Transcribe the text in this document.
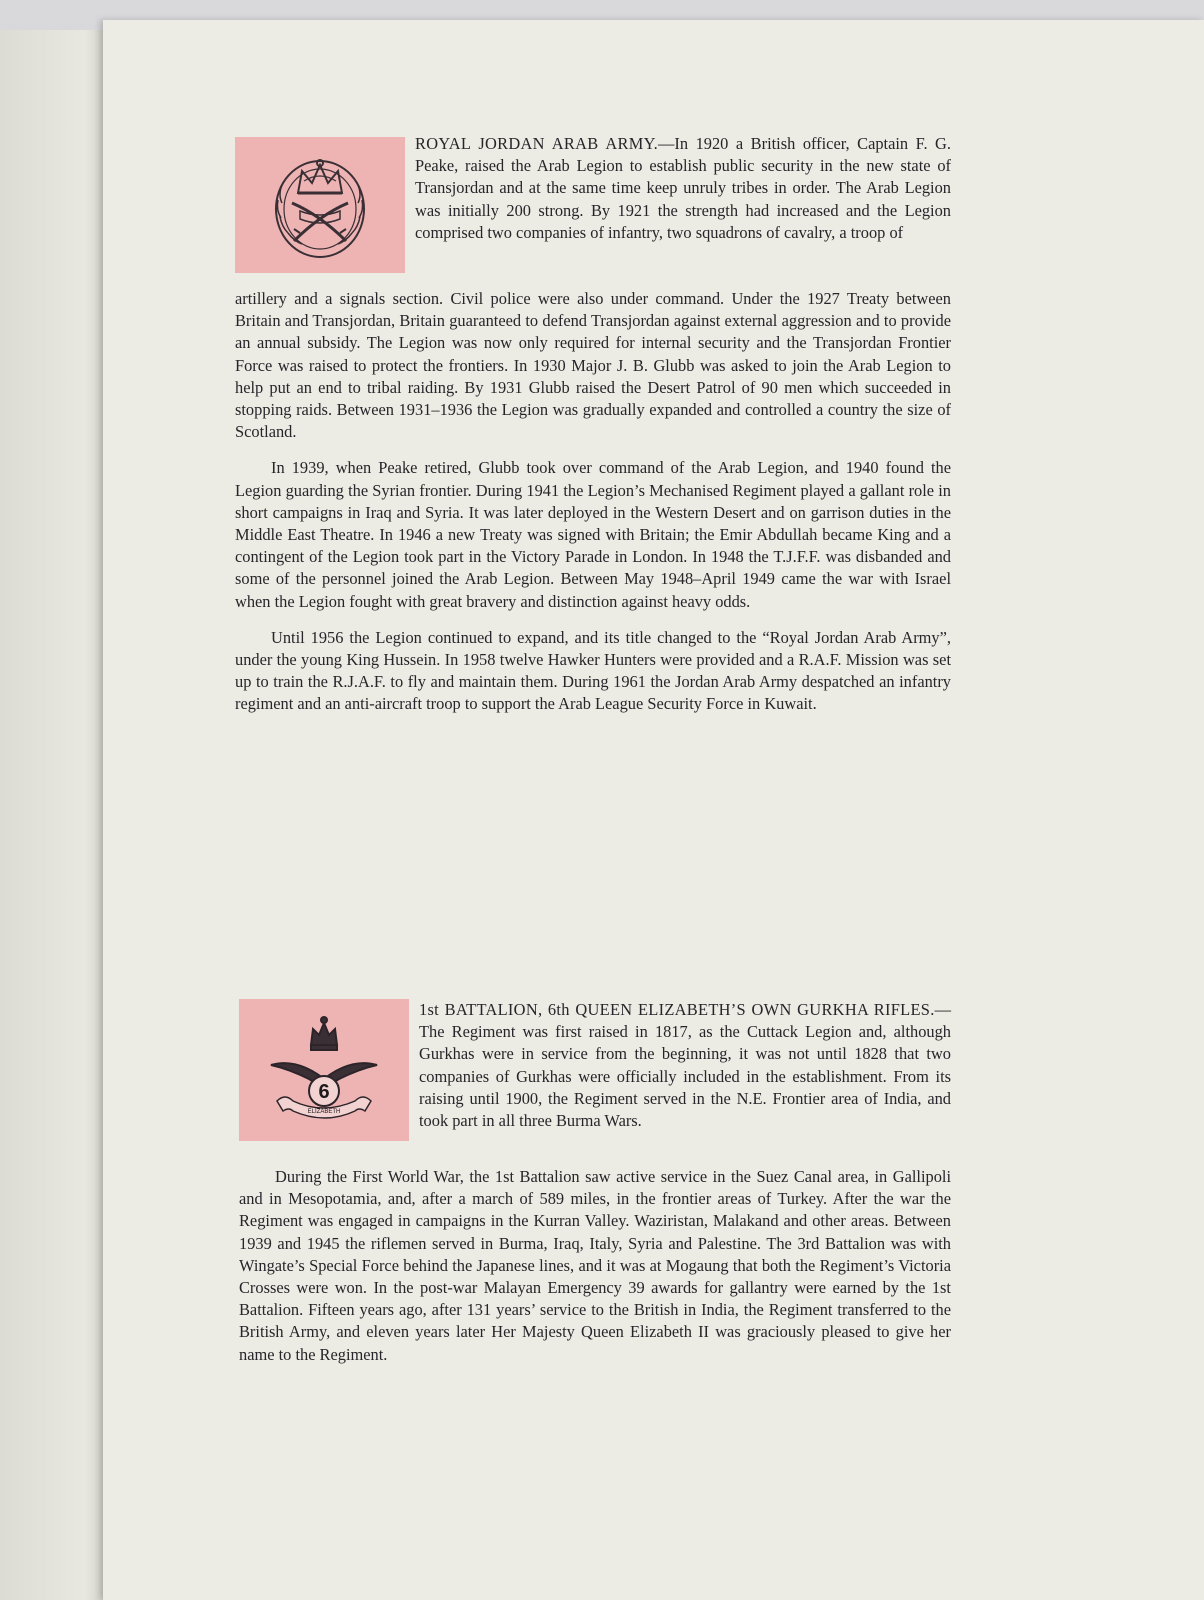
ROYAL JORDAN ARAB ARMY.—In 1920 a British officer, Captain F. G. Peake, raised the Arab Legion to establish public security in the new state of Transjordan and at the same time keep unruly tribes in order. The Arab Legion was initially 200 strong. By 1921 the strength had increased and the Legion comprised two companies of infantry, two squadrons of cavalry, a troop of

artillery and a signals section. Civil police were also under command. Under the 1927 Treaty between Britain and Transjordan, Britain guaranteed to defend Transjordan against external aggression and to provide an annual subsidy. The Legion was now only required for internal security and the Transjordan Frontier Force was raised to protect the frontiers. In 1930 Major J. B. Glubb was asked to join the Arab Legion to help put an end to tribal raiding. By 1931 Glubb raised the Desert Patrol of 90 men which succeeded in stopping raids. Between 1931–1936 the Legion was gradually expanded and controlled a country the size of Scotland.

In 1939, when Peake retired, Glubb took over command of the Arab Legion, and 1940 found the Legion guarding the Syrian frontier. During 1941 the Legion’s Mechanised Regiment played a gallant role in short campaigns in Iraq and Syria. It was later deployed in the Western Desert and on garrison duties in the Middle East Theatre. In 1946 a new Treaty was signed with Britain; the Emir Abdullah became King and a contingent of the Legion took part in the Victory Parade in London. In 1948 the T.J.F.F. was disbanded and some of the personnel joined the Arab Legion. Between May 1948–April 1949 came the war with Israel when the Legion fought with great bravery and distinction against heavy odds.

Until 1956 the Legion continued to expand, and its title changed to the “Royal Jordan Arab Army”, under the young King Hussein. In 1958 twelve Hawker Hunters were provided and a R.A.F. Mission was set up to train the R.J.A.F. to fly and maintain them. During 1961 the Jordan Arab Army despatched an infantry regiment and an anti-aircraft troop to support the Arab League Security Force in Kuwait.

6
ELIZABETH

1st BATTALION, 6th QUEEN ELIZABETH’S OWN GURKHA RIFLES.—The Regiment was first raised in 1817, as the Cuttack Legion and, although Gurkhas were in service from the beginning, it was not until 1828 that two companies of Gurkhas were officially included in the establishment. From its raising until 1900, the Regiment served in the N.E. Frontier area of India, and took part in all three Burma Wars.

During the First World War, the 1st Battalion saw active service in the Suez Canal area, in Gallipoli and in Mesopotamia, and, after a march of 589 miles, in the frontier areas of Turkey. After the war the Regiment was engaged in campaigns in the Kurran Valley. Waziristan, Malakand and other areas. Between 1939 and 1945 the riflemen served in Burma, Iraq, Italy, Syria and Palestine. The 3rd Battalion was with Wingate’s Special Force behind the Japanese lines, and it was at Mogaung that both the Regiment’s Victoria Crosses were won. In the post-war Malayan Emergency 39 awards for gallantry were earned by the 1st Battalion. Fifteen years ago, after 131 years’ service to the British in India, the Regiment transferred to the British Army, and eleven years later Her Majesty Queen Elizabeth II was graciously pleased to give her name to the Regiment.
